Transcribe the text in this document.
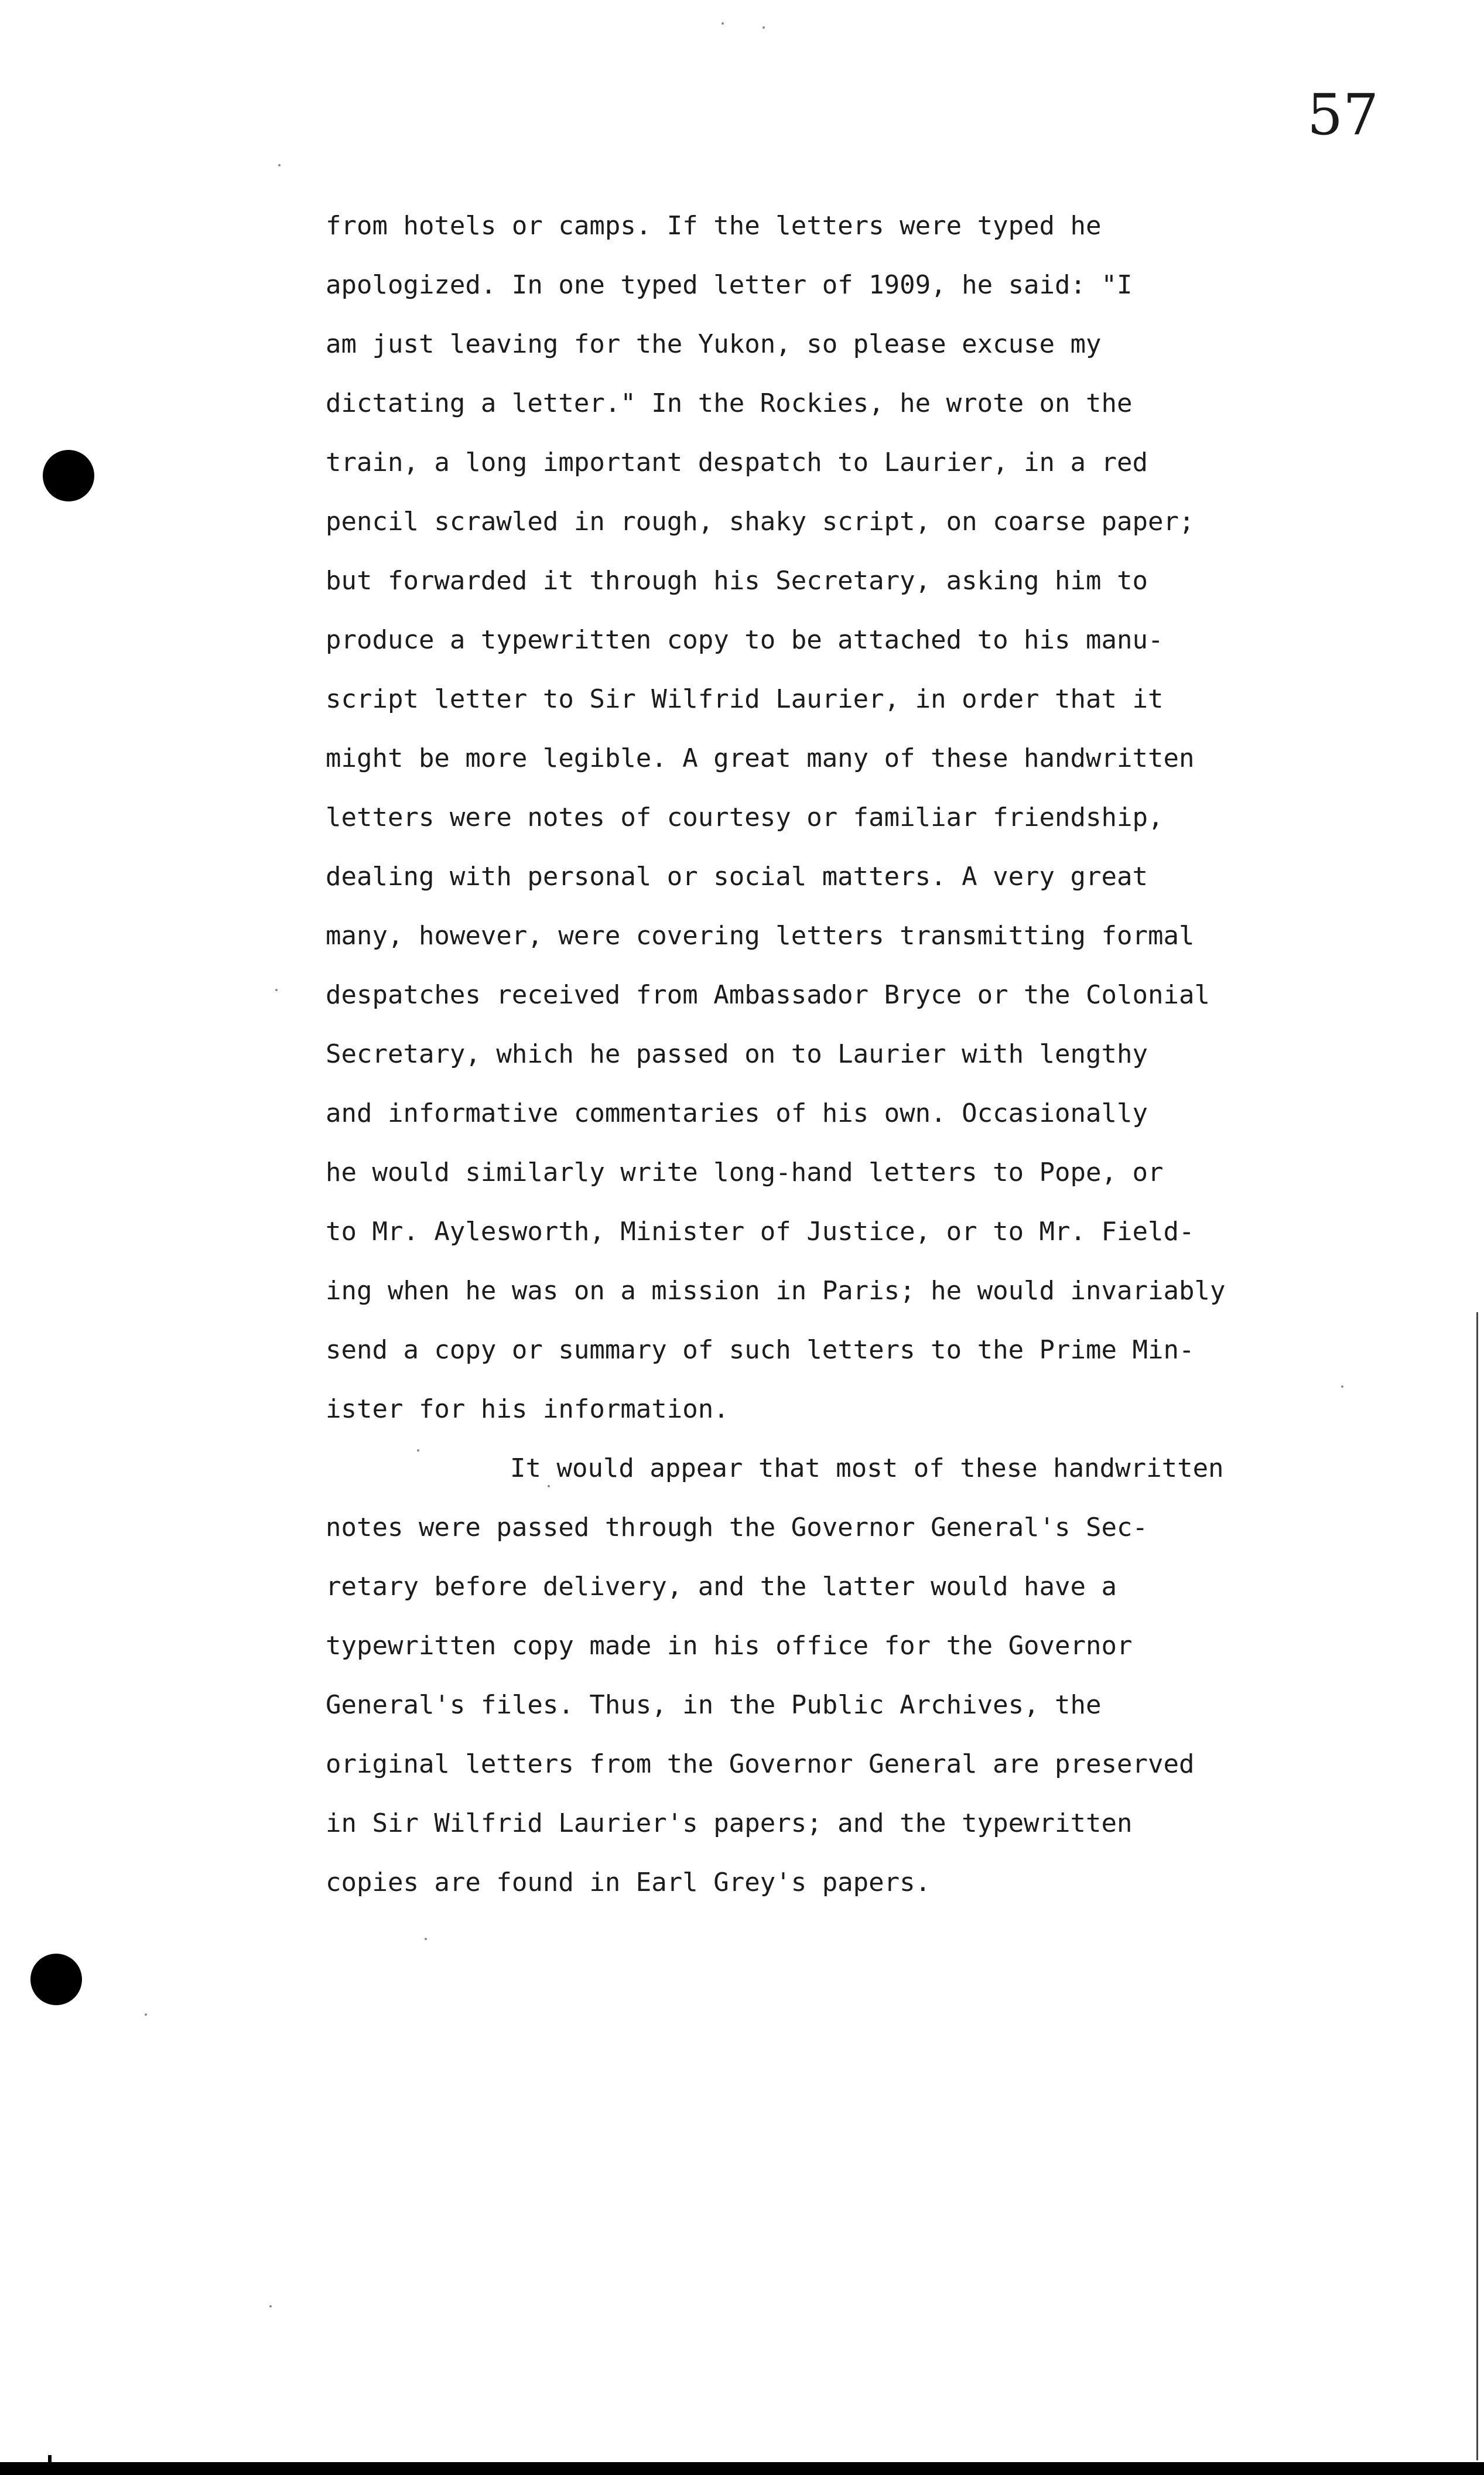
57
from hotels or camps. If the letters were typed he
apologized. In one typed letter of 1909, he said: "I
am just leaving for the Yukon, so please excuse my
dictating a letter." In the Rockies, he wrote on the
train, a long important despatch to Laurier, in a red
pencil scrawled in rough, shaky script, on coarse paper;
but forwarded it through his Secretary, asking him to
produce a typewritten copy to be attached to his manu-
script letter to Sir Wilfrid Laurier, in order that it
might be more legible. A great many of these handwritten
letters were notes of courtesy or familiar friendship,
dealing with personal or social matters. A very great
many, however, were covering letters transmitting formal
despatches received from Ambassador Bryce or the Colonial
Secretary, which he passed on to Laurier with lengthy
and informative commentaries of his own. Occasionally
he would similarly write long-hand letters to Pope, or
to Mr. Aylesworth, Minister of Justice, or to Mr. Field-
ing when he was on a mission in Paris; he would invariably
send a copy or summary of such letters to the Prime Min-
ister for his information.
It would appear that most of these handwritten
notes were passed through the Governor General's Sec-
retary before delivery, and the latter would have a
typewritten copy made in his office for the Governor
General's files. Thus, in the Public Archives, the
original letters from the Governor General are preserved
in Sir Wilfrid Laurier's papers; and the typewritten
copies are found in Earl Grey's papers.
